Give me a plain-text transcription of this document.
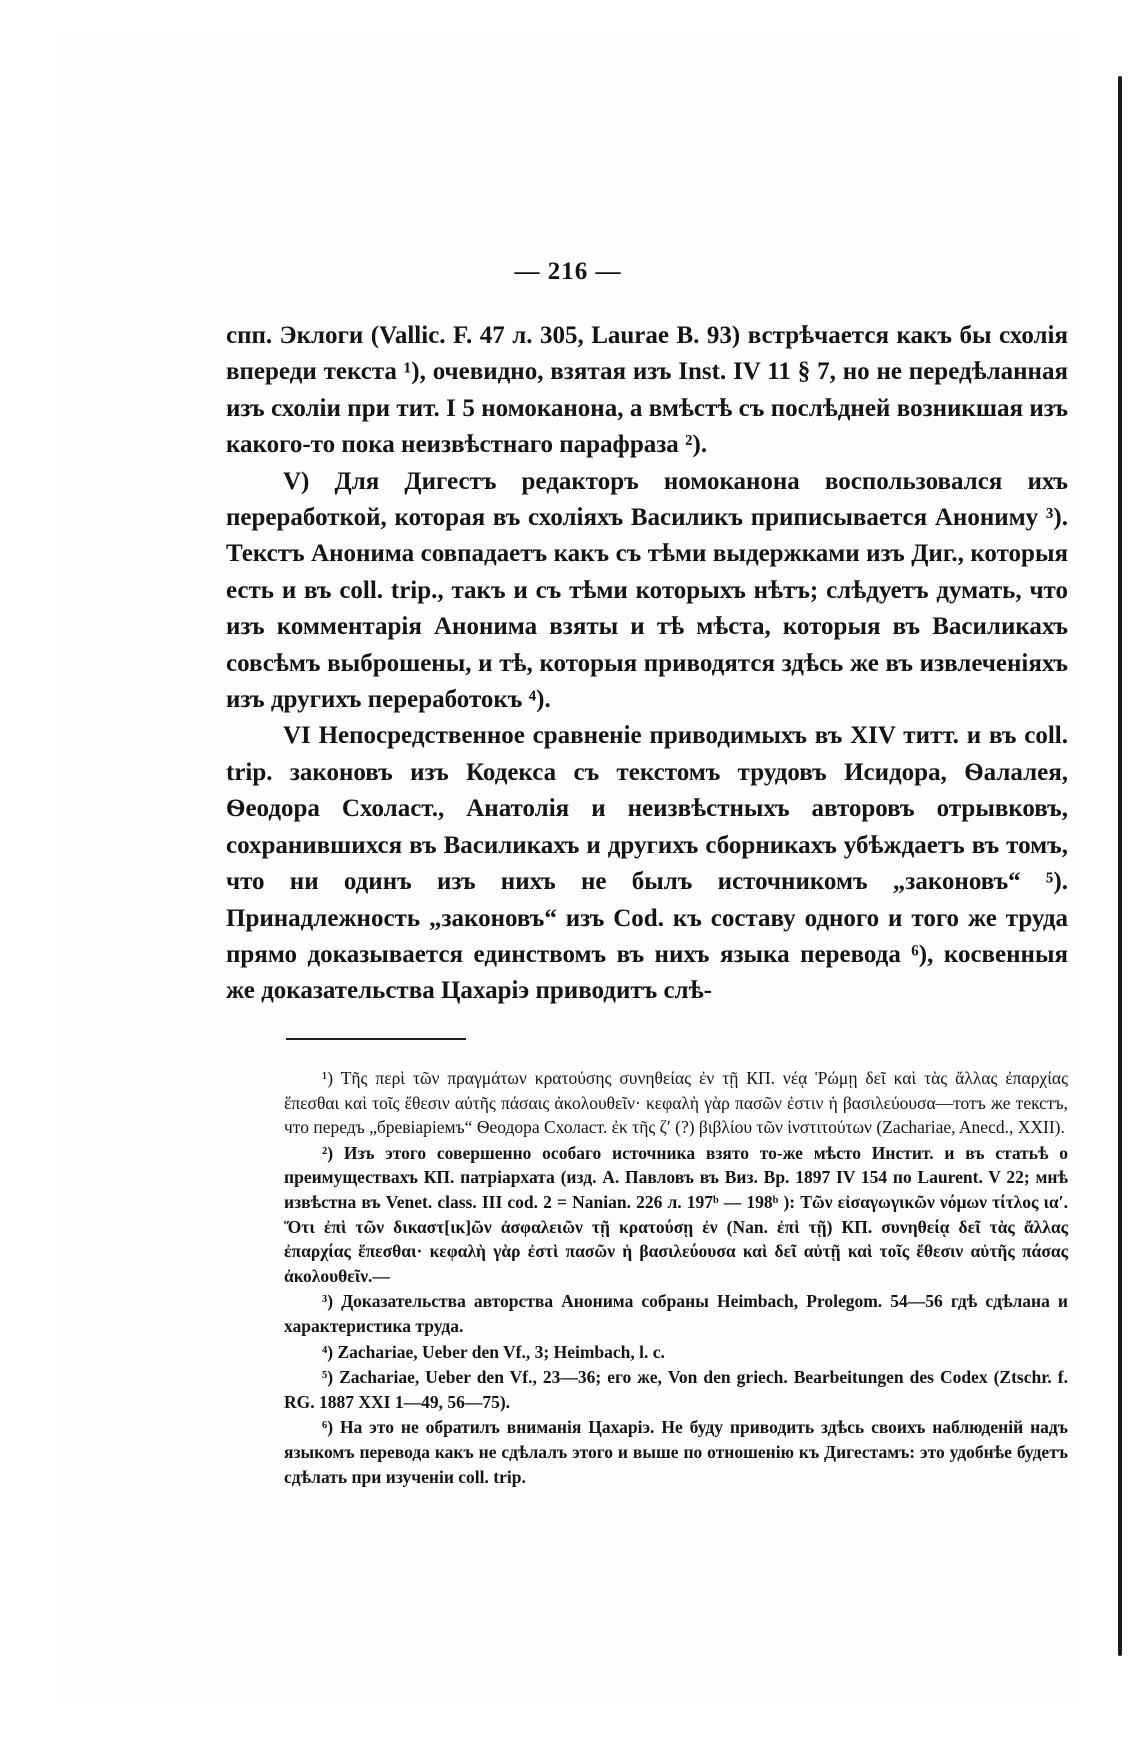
— 216 —

спп. Эклоги (Vallic. F. 47 л. 305, Laurae B. 93) встрѣчается какъ бы схолія впереди текста ¹), очевидно, взятая изъ Inst. IV 11 § 7, но не передѣланная изъ схоліи при тит. I 5 номоканона, а вмѣстѣ съ послѣдней возникшая изъ какого-то пока неизвѣстнаго парафраза ²).

V) Для Дигестъ редакторъ номоканона воспользовался ихъ переработкой, которая въ схоліяхъ Василикъ приписывается Анониму ³). Текстъ Анонима совпадаетъ какъ съ тѣми выдержками изъ Диг., которыя есть и въ coll. trip., такъ и съ тѣми которыхъ нѣтъ; слѣдуетъ думать, что изъ комментарія Анонима взяты и тѣ мѣста, которыя въ Василикахъ совсѣмъ выброшены, и тѣ, которыя приводятся здѣсь же въ извлеченіяхъ изъ другихъ переработокъ ⁴).

VI Непосредственное сравненіе приводимыхъ въ XIV титт. и въ coll. trip. законовъ изъ Кодекса съ текстомъ трудовъ Исидора, Ѳалалея, Ѳеодора Схоласт., Анатолія и неизвѣстныхъ авторовъ отрывковъ, сохранившихся въ Василикахъ и другихъ сборникахъ убѣждаетъ въ томъ, что ни одинъ изъ нихъ не былъ источникомъ „законовъ“ ⁵). Принадлежность „законовъ“ изъ Cod. къ составу одного и того же труда прямо доказывается единствомъ въ нихъ языка перевода ⁶), косвенныя же доказательства Цахаріэ приводитъ слѣ-

¹) Τῆς περὶ τῶν πραγμάτων κρατούσης συνηθείας ἐν τῇ КП. νέᾳ Ῥώμῃ δεῖ καὶ τὰς ἄλλας ἐπαρχίας ἕπεσθαι καὶ τοῖς ἔθεσιν αὐτῆς πάσαις ἀκολουθεῖν· κεφαλὴ γὰρ πασῶν ἐστιν ἡ βασιλεύουσα—тотъ же текстъ, что передъ „бревіаріемъ“ Ѳеодора Схоласт. ἐκ τῆς ζ′ (?) βιβλίου τῶν ἰνστιτούτων (Zachariae, Anecd., XXII).

²) Изъ этого совершенно особаго источника взято то-же мѣсто Инстит. и въ статьѣ о преимуществахъ КП. патріархата (изд. А. Павловъ въ Виз. Вр. 1897 IV 154 по Laurent. V 22; мнѣ извѣстна въ Venet. class. III cod. 2 = Nanian. 226 л. 197ᵇ — 198ᵇ ): Τῶν εἰσαγωγικῶν νόμων τίτλος ια′. Ὅτι ἐπὶ τῶν δικαστ[ικ]ῶν ἀσφαλειῶν τῇ κρατούσῃ ἐν (Nan. ἐπὶ τῇ) КП. συνηθείᾳ δεῖ τὰς ἄλλας ἐπαρχίας ἕπεσθαι· κεφαλὴ γὰρ ἐστὶ πασῶν ἡ βασιλεύουσα καὶ δεῖ αὐτῇ καὶ τοῖς ἔθεσιν αὐτῆς πάσας ἀκολουθεῖν.—

³) Доказательства авторства Анонима собраны Heimbach, Prolegom. 54—56 гдѣ сдѣлана и характеристика труда.

⁴) Zachariae, Ueber den Vf., 3; Heimbach, l. c.

⁵) Zachariae, Ueber den Vf., 23—36; его же, Von den griech. Bearbeitungen des Codex (Ztschr. f. RG. 1887 XXI 1—49, 56—75).

⁶) На это не обратилъ вниманія Цахаріэ. Не буду приводить здѣсь своихъ наблюденій надъ языкомъ перевода какъ не сдѣлалъ этого и выше по отношенію къ Дигестамъ: это удобнѣе будетъ сдѣлать при изученіи coll. trip.
